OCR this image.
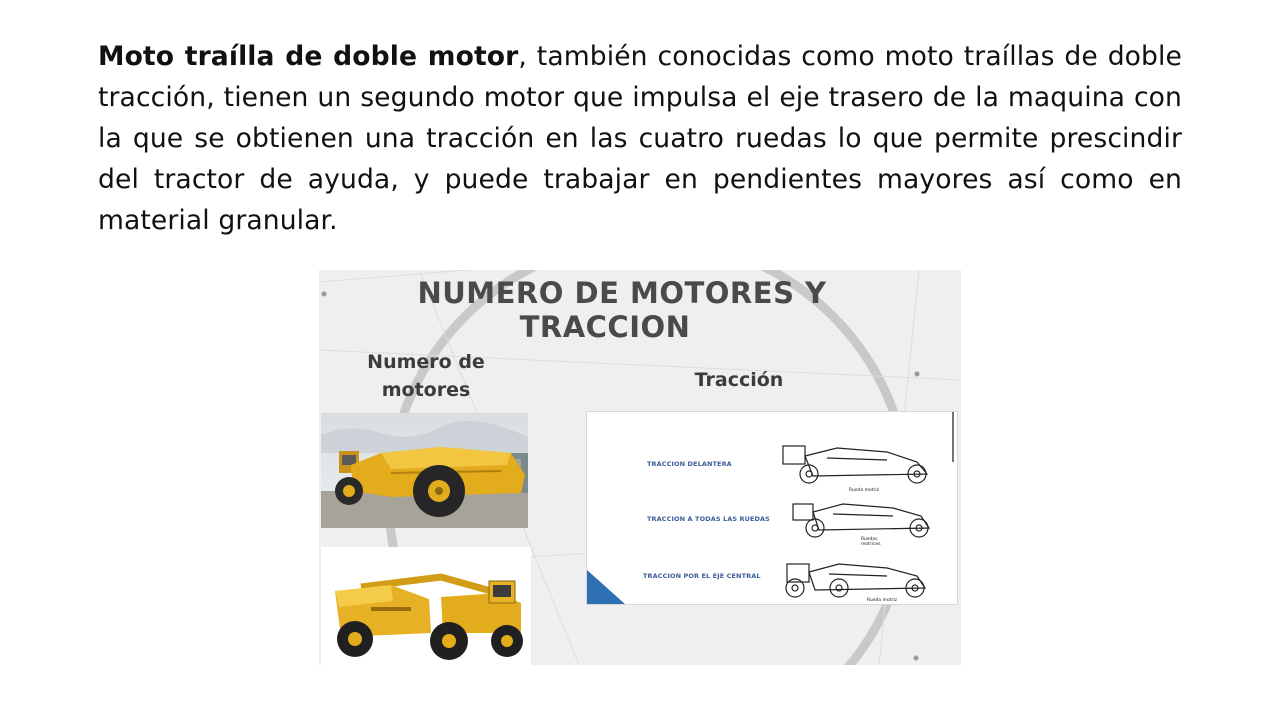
Moto traílla de doble motor, también conocidas como moto traíllas de doble tracción, tienen un segundo motor que impulsa el eje trasero de la maquina con la que se obtienen una tracción en las cuatro ruedas lo que permite prescindir del tractor de ayuda, y puede trabajar en pendientes mayores así como en material granular.
NUMERO DE MOTORES Y
TRACCION
Numero de motores	Tracción
TRACCION DELANTERA
TRACCION A TODAS LAS RUEDAS
TRACCION POR EL EJE CENTRAL
Rueda motriz
Ruedas motrices
Rueda motriz
